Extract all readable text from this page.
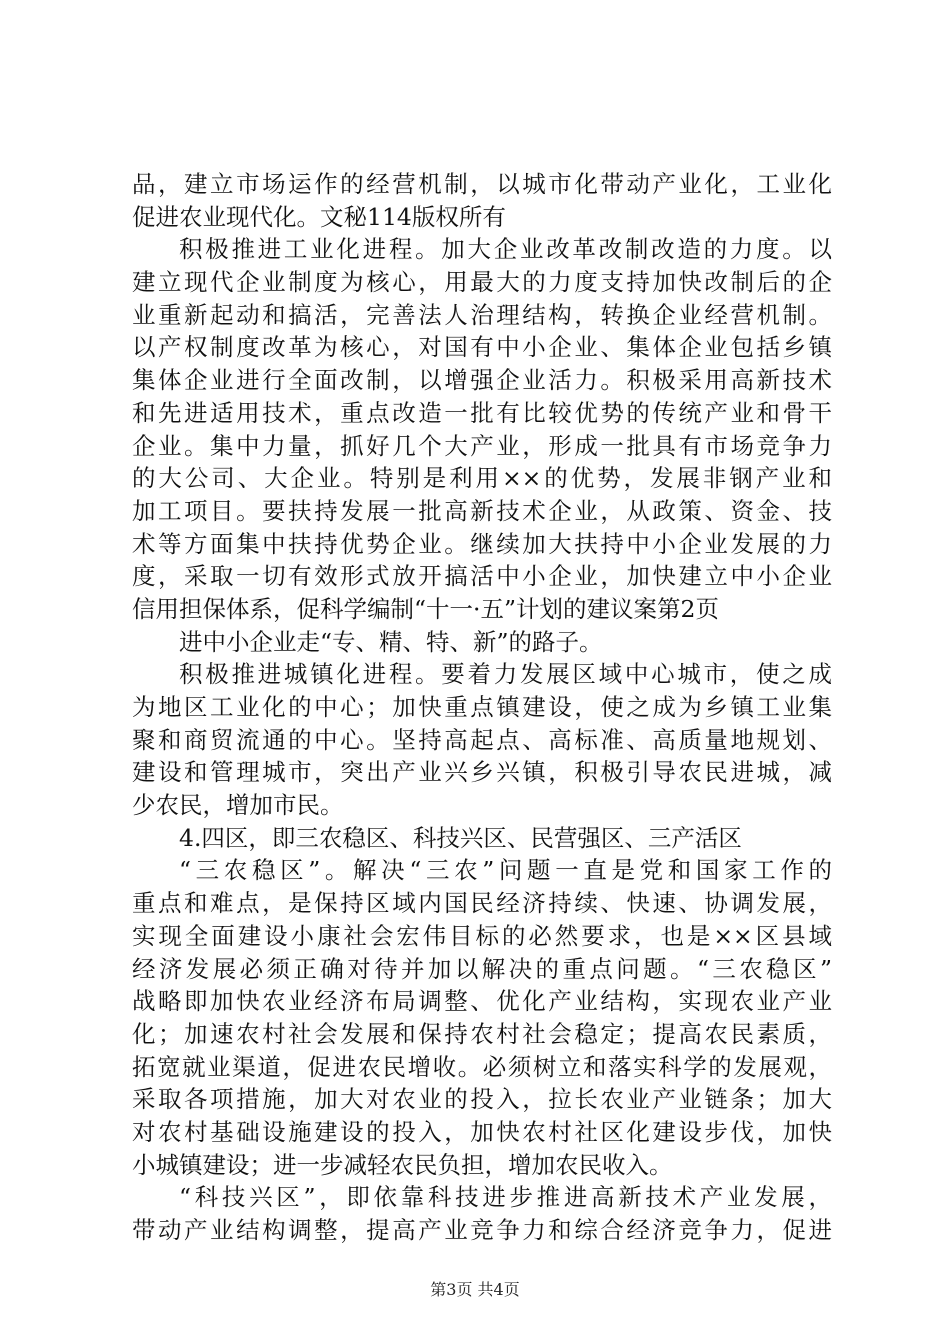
品，建立市场运作的经营机制，以城市化带动产业化，工业化
促进农业现代化。文秘114版权所有
积极推进工业化进程。加大企业改革改制改造的力度。以
建立现代企业制度为核心，用最大的力度支持加快改制后的企
业重新起动和搞活，完善法人治理结构，转换企业经营机制。
以产权制度改革为核心，对国有中小企业、集体企业包括乡镇
集体企业进行全面改制，以增强企业活力。积极采用高新技术
和先进适用技术，重点改造一批有比较优势的传统产业和骨干
企业。集中力量，抓好几个大产业，形成一批具有市场竞争力
的大公司、大企业。特别是利用××的优势，发展非钢产业和
加工项目。要扶持发展一批高新技术企业，从政策、资金、技
术等方面集中扶持优势企业。继续加大扶持中小企业发展的力
度，采取一切有效形式放开搞活中小企业，加快建立中小企业
信用担保体系，促科学编制“十一·五”计划的建议案第2页
进中小企业走“专、精、特、新”的路子。
积极推进城镇化进程。要着力发展区域中心城市，使之成
为地区工业化的中心；加快重点镇建设，使之成为乡镇工业集
聚和商贸流通的中心。坚持高起点、高标准、高质量地规划、
建设和管理城市，突出产业兴乡兴镇，积极引导农民进城，减
少农民，增加市民。
4.四区，即三农稳区、科技兴区、民营强区、三产活区
“三农稳区”。解决“三农”问题一直是党和国家工作的
重点和难点，是保持区域内国民经济持续、快速、协调发展，
实现全面建设小康社会宏伟目标的必然要求，也是××区县域
经济发展必须正确对待并加以解决的重点问题。“三农稳区”
战略即加快农业经济布局调整、优化产业结构，实现农业产业
化；加速农村社会发展和保持农村社会稳定；提高农民素质，
拓宽就业渠道，促进农民增收。必须树立和落实科学的发展观，
采取各项措施，加大对农业的投入，拉长农业产业链条；加大
对农村基础设施建设的投入，加快农村社区化建设步伐，加快
小城镇建设；进一步减轻农民负担，增加农民收入。
“科技兴区”，即依靠科技进步推进高新技术产业发展，
带动产业结构调整，提高产业竞争力和综合经济竞争力，促进
第3页 共4页
